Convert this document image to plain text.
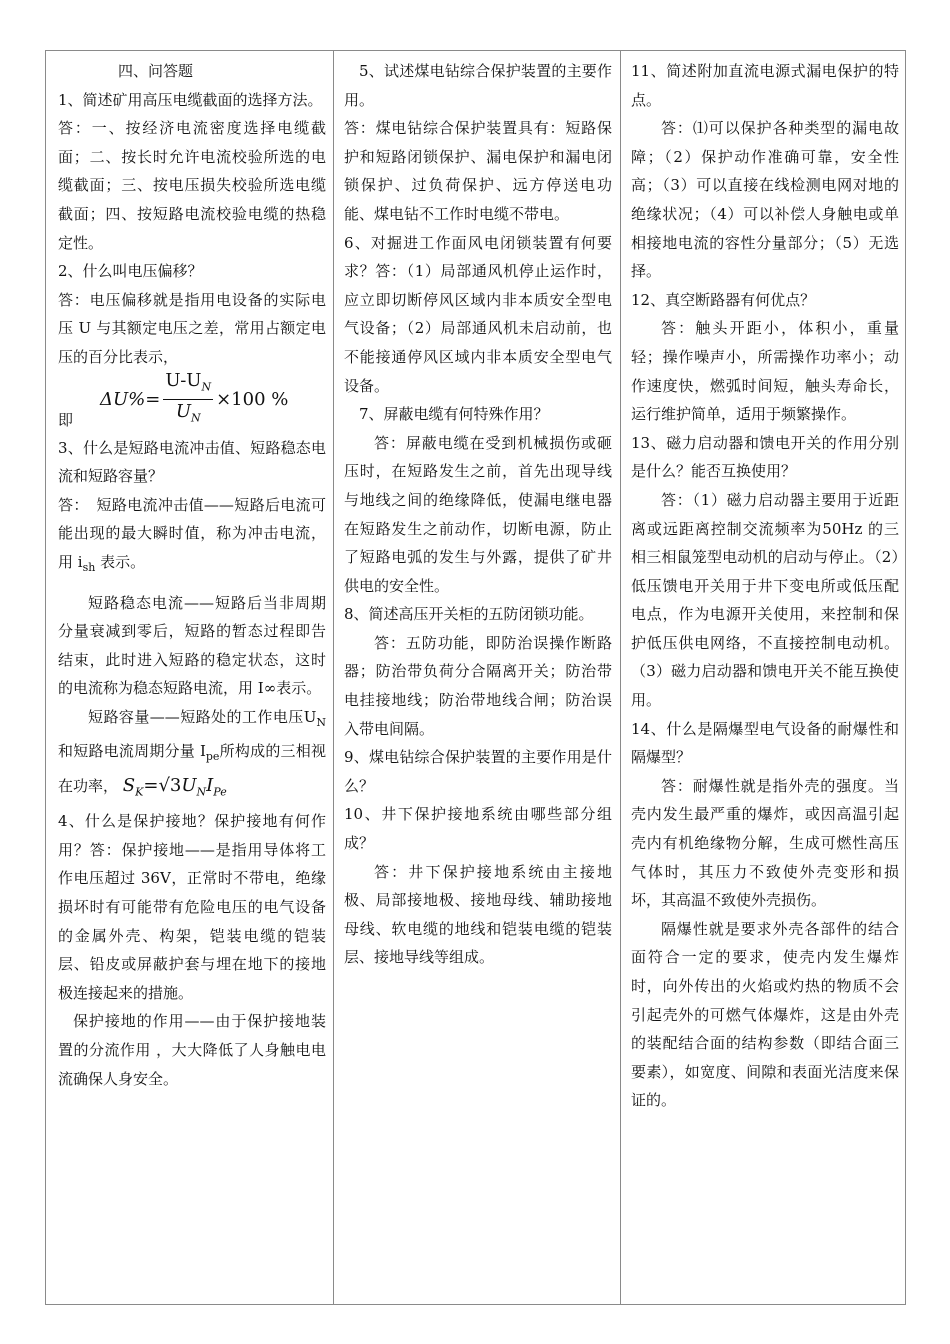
四、问答题

1、简述矿用高压电缆截面的选择方法。

答：一、按经济电流密度选择电缆截面；二、按长时允许电流校验所选的电缆截面；三、按电压损失校验所选电缆截面；四、按短路电流校验电缆的热稳定性。

2、什么叫电压偏移？

答：电压偏移就是指用电设备的实际电压 U 与其额定电压之差，常用占额定电压的百分比表示，

即
$\Delta U\%= \frac{U-U_N}{U_N} \times 100$ %

3、什么是短路电流冲击值、短路稳态电流和短路容量？

答：　短路电流冲击值——短路后电流可能出现的最大瞬时值，称为冲击电流，用 $i_{sh}$ 表示。

短路稳态电流——短路后当非周期分量衰减到零后，短路的暂态过程即告结束，此时进入短路的稳定状态，这时的电流称为稳态短路电流，用 I∞表示。

短路容量——短路处的工作电压$U_N$和短路电流周期分量 $I_{pe}$所构成的三相视在功率， $S_K=√3U_NI_{Pe}$

4、什么是保护接地？保护接地有何作用？答：保护接地——是指用导体将工作电压超过 36V，正常时不带电，绝缘损坏时有可能带有危险电压的电气设备的金属外壳、构架，铠装电缆的铠装层、铅皮或屏蔽护套与埋在地下的接地极连接起来的措施。

保护接地的作用——由于保护接地装置的分流作用 ，大大降低了人身触电电流确保人身安全。

5、试述煤电钻综合保护装置的主要作用。

答：煤电钻综合保护装置具有：短路保护和短路闭锁保护、漏电保护和漏电闭锁保护、过负荷保护、远方停送电功能、煤电钻不工作时电缆不带电。

6、对掘进工作面风电闭锁装置有何要求？答：（1）局部通风机停止运作时，应立即切断停风区域内非本质安全型电气设备；（2）局部通风机未启动前，也不能接通停风区域内非本质安全型电气设备。

7、屏蔽电缆有何特殊作用？

答：屏蔽电缆在受到机械损伤或砸压时，在短路发生之前，首先出现导线与地线之间的绝缘降低，使漏电继电器在短路发生之前动作，切断电源，防止了短路电弧的发生与外露，提供了矿井供电的安全性。

8、简述高压开关柜的五防闭锁功能。

答：五防功能，即防治误操作断路器；防治带负荷分合隔离开关；防治带电挂接地线；防治带地线合闸；防治误入带电间隔。

9、煤电钻综合保护装置的主要作用是什么？

10、井下保护接地系统由哪些部分组成？

答：井下保护接地系统由主接地极、局部接地极、接地母线、辅助接地母线、软电缆的地线和铠装电缆的铠装层、接地导线等组成。

11、简述附加直流电源式漏电保护的特点。

答：⑴可以保护各种类型的漏电故障；（2）保护动作准确可靠，安全性高；（3）可以直接在线检测电网对地的绝缘状况；（4）可以补偿人身触电或单相接地电流的容性分量部分；（5）无选择。

12、真空断路器有何优点？

答：触头开距小，体积小，重量轻；操作噪声小，所需操作功率小；动作速度快，燃弧时间短，触头寿命长，运行维护简单，适用于频繁操作。

13、磁力启动器和馈电开关的作用分别是什么？能否互换使用？

答：（1）磁力启动器主要用于近距离或远距离控制交流频率为50Hz 的三相三相鼠笼型电动机的启动与停止。（2）低压馈电开关用于井下变电所或低压配电点，作为电源开关使用，来控制和保护低压供电网络，不直接控制电动机。（3）磁力启动器和馈电开关不能互换使用。

14、什么是隔爆型电气设备的耐爆性和隔爆型？

答：耐爆性就是指外壳的强度。当壳内发生最严重的爆炸，或因高温引起壳内有机绝缘物分解，生成可燃性高压气体时，其压力不致使外壳变形和损坏，其高温不致使外壳损伤。

隔爆性就是要求外壳各部件的结合面符合一定的要求，使壳内发生爆炸时，向外传出的火焰或灼热的物质不会引起壳外的可燃气体爆炸，这是由外壳的装配结合面的结构参数（即结合面三要素），如宽度、间隙和表面光洁度来保证的。
